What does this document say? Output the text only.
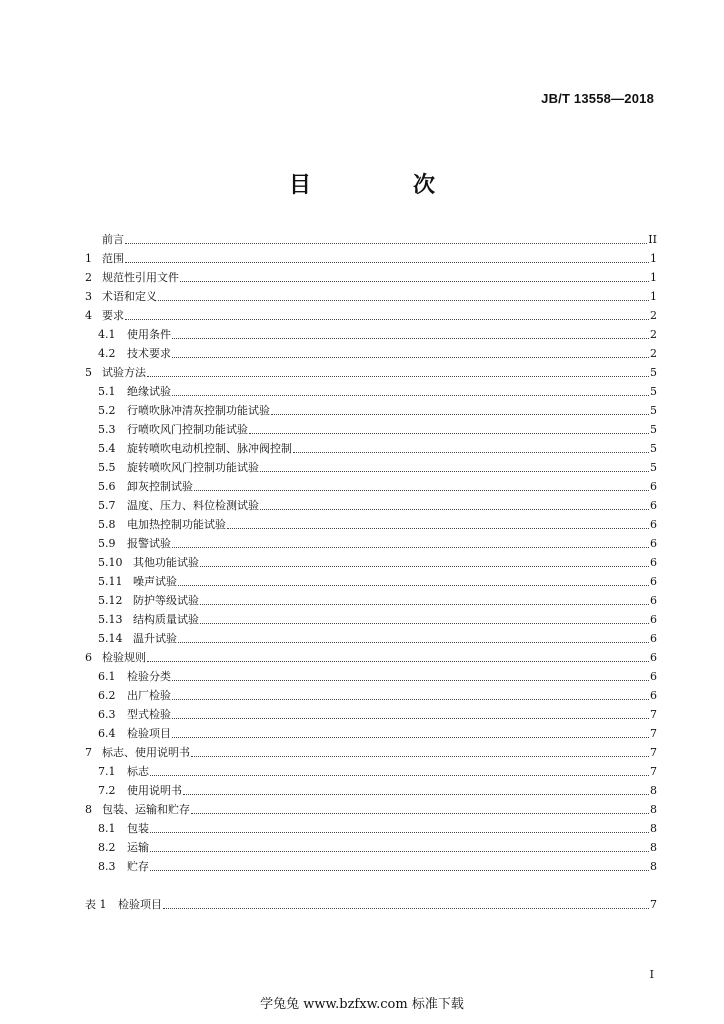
JB/T 13558—2018
目　次
前言	II
1 范围	1
2 规范性引用文件	1
3 术语和定义	1
4 要求	2
4.1	使用条件	2
4.2	技术要求	2
5 试验方法	5
5.1	绝缘试验	5
5.2	行喷吹脉冲清灰控制功能试验	5
5.3	行喷吹风门控制功能试验	5
5.4	旋转喷吹电动机控制、脉冲阀控制	5
5.5	旋转喷吹风门控制功能试验	5
5.6	卸灰控制试验	6
5.7	温度、压力、料位检测试验	6
5.8	电加热控制功能试验	6
5.9	报警试验	6
5.10 其他功能试验	6
5.11 噪声试验	6
5.12 防护等级试验	6
5.13 结构质量试验	6
5.14 温升试验	6
6 检验规则	6
6.1	检验分类	6
6.2	出厂检验	6
6.3	型式检验	7
6.4	检验项目	7
7 标志、使用说明书	7
7.1	标志	7
7.2	使用说明书	8
8 包装、运输和贮存	8
8.1	包装	8
8.2	运输	8
8.3	贮存	8
表 1	检验项目	7
I
学兔兔 www.bzfxw.com 标准下载
